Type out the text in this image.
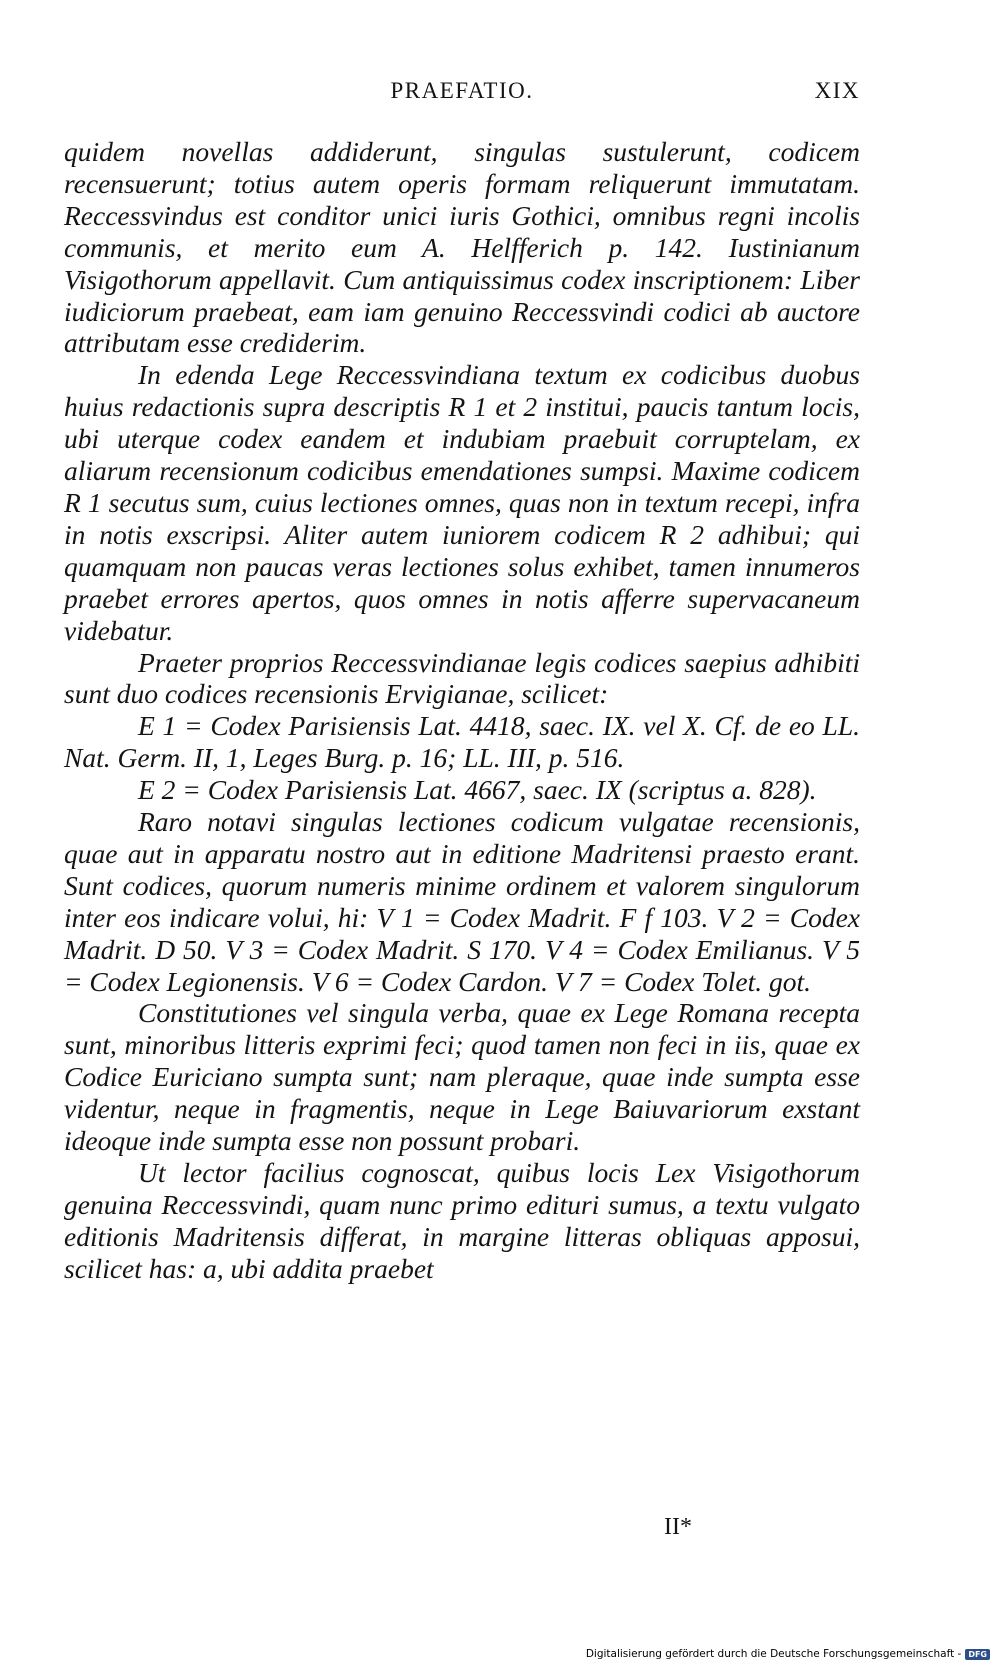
PRAEFATIO.	XIX

quidem novellas addiderunt, singulas sustulerunt, codicem recensuerunt; totius autem operis formam reliquerunt immutatam. Reccessvindus est conditor unici iuris Gothici, omnibus regni incolis communis, et merito eum A. Helfferich p. 142. Iustinianum Visigothorum appellavit. Cum antiquissimus codex inscriptionem: Liber iudiciorum praebeat, eam iam genuino Reccessvindi codici ab auctore attributam esse crediderim.

In edenda Lege Reccessvindiana textum ex codicibus duobus huius redactionis supra descriptis R 1 et 2 institui, paucis tantum locis, ubi uterque codex eandem et indubiam praebuit corruptelam, ex aliarum recensionum codicibus emendationes sumpsi. Maxime codicem R 1 secutus sum, cuius lectiones omnes, quas non in textum recepi, infra in notis exscripsi. Aliter autem iuniorem codicem R 2 adhibui; qui quamquam non paucas veras lectiones solus exhibet, tamen innumeros praebet errores apertos, quos omnes in notis afferre supervacaneum videbatur.

Praeter proprios Reccessvindianae legis codices saepius adhibiti sunt duo codices recensionis Ervigianae, scilicet:

E 1 = Codex Parisiensis Lat. 4418, saec. IX. vel X. Cf. de eo LL. Nat. Germ. II, 1, Leges Burg. p. 16; LL. III, p. 516.

E 2 = Codex Parisiensis Lat. 4667, saec. IX (scriptus a. 828).

Raro notavi singulas lectiones codicum vulgatae recensionis, quae aut in apparatu nostro aut in editione Madritensi praesto erant. Sunt codices, quorum numeris minime ordinem et valorem singulorum inter eos indicare volui, hi: V 1 = Codex Madrit. F f 103. V 2 = Codex Madrit. D 50. V 3 = Codex Madrit. S 170. V 4 = Codex Emilianus. V 5 = Codex Legionensis. V 6 = Codex Cardon. V 7 = Codex Tolet. got.

Constitutiones vel singula verba, quae ex Lege Romana recepta sunt, minoribus litteris exprimi feci; quod tamen non feci in iis, quae ex Codice Euriciano sumpta sunt; nam pleraque, quae inde sumpta esse videntur, neque in fragmentis, neque in Lege Baiuvariorum exstant ideoque inde sumpta esse non possunt probari.

Ut lector facilius cognoscat, quibus locis Lex Visigothorum genuina Reccessvindi, quam nunc primo edituri sumus, a textu vulgato editionis Madritensis differat, in margine litteras obliquas apposui, scilicet has: a, ubi addita praebet

II*
Digitalisierung gefördert durch die Deutsche Forschungsgemeinschaft - DFG
